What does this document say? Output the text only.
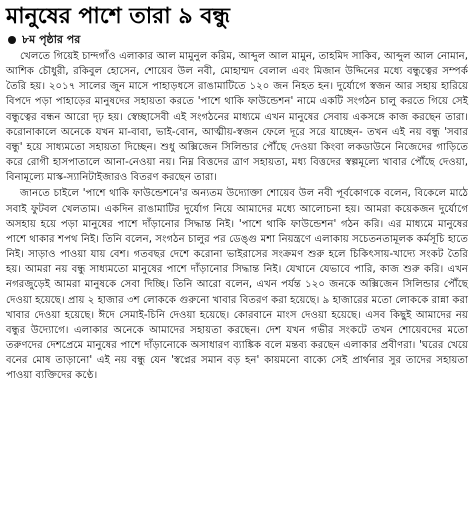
মানুষের পাশে তারা ৯ বন্ধু
৮ম পৃষ্ঠার পর

খেলতে গিয়েই চান্দগাঁও এলাকার আল মামুনুল করিম, আব্দুল আল মামুন, তাহমিদ সাকিব, আব্দুল আল নোমান, আশিক চৌধুরী, রকিবুল হোসেন, শোয়েব উল নবী, মোহাম্মদ বেলাল এবং মিজান উদ্দিনের মধ্যে বন্ধুত্বের সম্পর্ক তৈরি হয়। ২০১৭ সালের জুন মাসে পাহাড়ধসে রাঙামাটিতে ১২০ জন নিহত হন। দুর্যোগে স্বজন আর সহায় হারিয়ে বিপদে পড়া পাহাড়ের মানুষদের সহায়তা করতে 'পাশে থাকি ফাউন্ডেশন' নামে একটি সংগঠন চালু করতে গিয়ে সেই বন্ধুত্বের বন্ধন আরো দৃঢ় হয়। স্বেচ্ছাসেবী এই সংগঠনের মাধ্যমে এখন মানুষের সেবায় একসঙ্গে কাজ করছেন তারা। করোনাকালে অনেকে যখন মা-বাবা, ভাই-বোন, আত্মীয়-স্বজন ফেলে দূরে সরে যাচ্ছেন- তখন এই নয় বন্ধু 'সবার বন্ধু' হয়ে সাধ্যমতো সহায়তা দিচ্ছেন। শুধু অক্সিজেন সিলিন্ডার পৌঁছে দেওয়া কিংবা লকডাউনে নিজেদের গাড়িতে করে রোগী হাসপাতালে আনা-নেওয়া নয়। নিম্ন বিত্তদের ত্রাণ সহায়তা, মধ্য বিত্তদের স্বল্পমূল্যে খাবার পৌঁছে দেওয়া, বিনামূল্যে মাস্ক-স্যানিটাইজারও বিতরণ করছেন তারা।

জানতে চাইলে 'পাশে থাকি ফাউন্ডেশনে'র অন্যতম উদ্যোক্তা শোয়েব উল নবী পূর্বকোণকে বলেন, বিকেলে মাঠে সবাই ফুটবল খেলতাম। একদিন রাঙামাটির দুর্যোগ নিয়ে আমাদের মধ্যে আলোচনা হয়। আমরা কয়েকজন দুর্যোগে অসহায় হয়ে পড়া মানুষের পাশে দাঁড়ানোর সিদ্ধান্ত নিই। 'পাশে থাকি ফাউন্ডেশন' গঠন করি। এর মাধ্যমে মানুষের পাশে থাকার শপথ নিই। তিনি বলেন, সংগঠন চালুর পর ডেঙ্গু মশা নিয়ন্ত্রণে এলাকায় সচেতনতামূলক কর্মসূচি হাতে নিই। সাড়াও পাওয়া যায় বেশ। গতবছর দেশে করোনা ভাইরাসের সংক্রমণ শুরু হলে চিকিৎসায়-খাদ্যে সংকট তৈরি হয়। আমরা নয় বন্ধু সাধ্যমতো মানুষের পাশে দাঁড়ানোর সিদ্ধান্ত নিই। যেখানে যেভাবে পারি, কাজ শুরু করি। এখন নগরজুড়েই আমরা মানুষকে সেবা দিচ্ছি। তিনি আরো বলেন, এখন পর্যন্ত ১২০ জনকে অক্সিজেন সিলিন্ডার পৌঁছে দেওয়া হয়েছে। প্রায় ২ হাজার ৩শ লোককে গুরুনো খাবার বিতরণ করা হয়েছে। ৯ হাজারের মতো লোককে রান্না করা খাবার দেওয়া হয়েছে। ঈদে সেমাই-চিনি দেওয়া হয়েছে। কোরবানে মাংস দেওয়া হয়েছে। এসব কিছুই আমাদের নয় বন্ধুর উদ্যোগে। এলাকার অনেকে আমাদের সহায়তা করছেন। দেশ যখন গভীর সংকটে তখন শোয়েবদের মতো তরুণদের দেশপ্রেমে মানুষের পাশে দাঁড়ানোকে অসাধারণ ব্যাঙ্কিক বলে মন্তব্য করছেন এলাকার প্রবীণরা। 'ঘরের খেয়ে বনের মোষ তাড়ানো' এই নয় বন্ধু যেন 'স্বপ্নের সমান বড় হন' কায়মনো বাক্যে সেই প্রার্থনার সুর তাদের সহায়তা পাওয়া ব্যক্তিদের কণ্ঠে।
